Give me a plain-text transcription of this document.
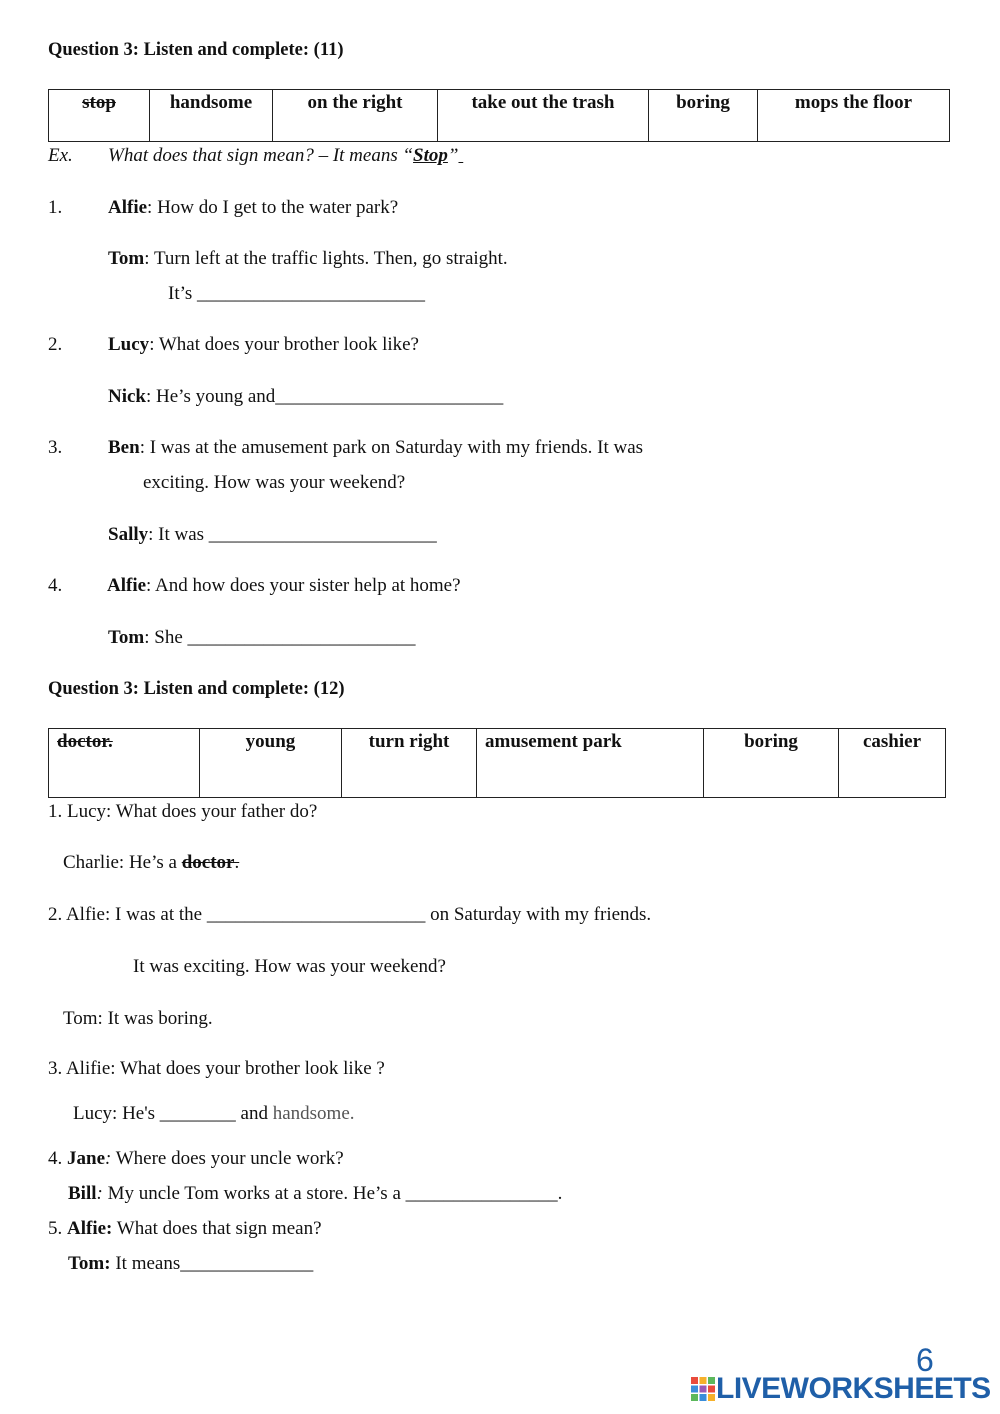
Question 3: Listen and complete: (11)
stop	handsome	on the right	take out the trash	boring	mops the floor
Ex. What does that sign mean? – It means “Stop”
1. Alfie: How do I get to the water park?
Tom: Turn left at the traffic lights. Then, go straight.
It’s ________________________
2. Lucy: What does your brother look like?
Nick: He’s young and________________________
3. Ben: I was at the amusement park on Saturday with my friends. It was
exciting. How was your weekend?
Sally: It was ________________________
4. Alfie: And how does your sister help at home?
Tom: She ________________________
Question 3: Listen and complete: (12)
doctor.	young	turn right	amusement park	boring	cashier
1. Lucy: What does your father do?
Charlie: He’s a doctor.
2. Alfie: I was at the _______________________ on Saturday with my friends.
It was exciting. How was your weekend?
Tom: It was boring.
3. Alifie: What does your brother look like ?
Lucy: He's ________ and handsome.
4. Jane: Where does your uncle work?
Bill: My uncle Tom works at a store. He’s a ________________.
5. Alfie: What does that sign mean?
Tom: It means______________
6
LIVEWORKSHEETS
